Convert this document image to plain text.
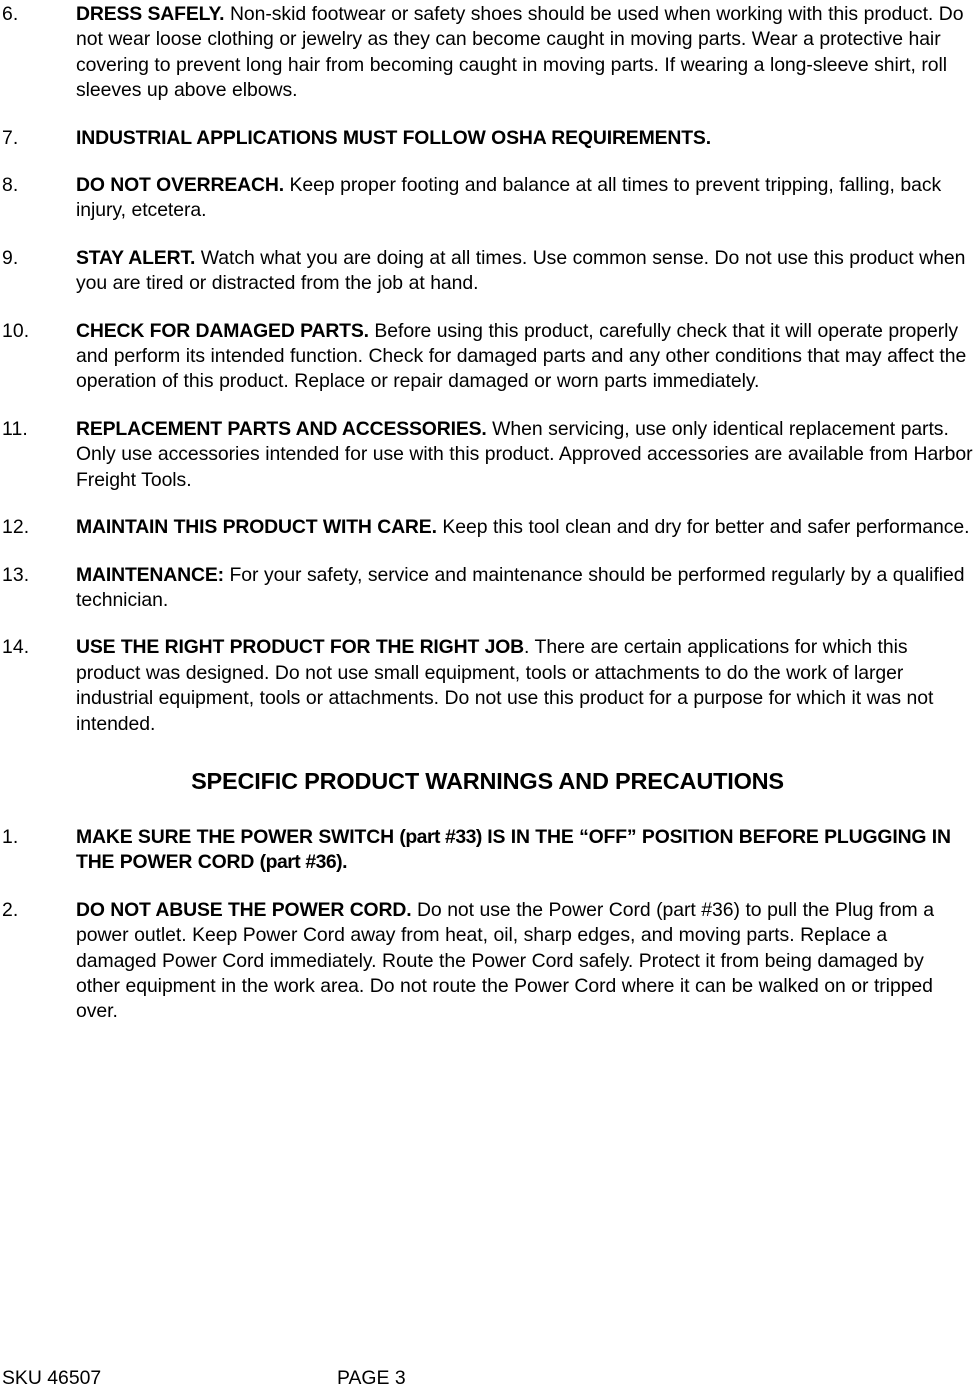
6.	DRESS SAFELY. Non-skid footwear or safety shoes should be used when working with this product. Do not wear loose clothing or jewelry as they can become caught in moving parts. Wear a protective hair covering to prevent long hair from becoming caught in moving parts. If wearing a long-sleeve shirt, roll sleeves up above elbows.
7.	INDUSTRIAL APPLICATIONS MUST FOLLOW OSHA REQUIREMENTS.
8.	DO NOT OVERREACH. Keep proper footing and balance at all times to prevent tripping, falling, back injury, etcetera.
9.	STAY ALERT. Watch what you are doing at all times. Use common sense. Do not use this product when you are tired or distracted from the job at hand.
10.	CHECK FOR DAMAGED PARTS. Before using this product, carefully check that it will operate properly and perform its intended function. Check for damaged parts and any other conditions that may affect the operation of this product. Replace or repair damaged or worn parts immediately.
11.	REPLACEMENT PARTS AND ACCESSORIES. When servicing, use only identical replacement parts. Only use accessories intended for use with this product. Approved accessories are available from Harbor Freight Tools.
12.	MAINTAIN THIS PRODUCT WITH CARE. Keep this tool clean and dry for better and safer performance.
13.	MAINTENANCE: For your safety, service and maintenance should be performed regularly by a qualified technician.
14.	USE THE RIGHT PRODUCT FOR THE RIGHT JOB. There are certain applications for which this product was designed. Do not use small equipment, tools or attachments to do the work of larger industrial equipment, tools or attachments. Do not use this product for a purpose for which it was not intended.
SPECIFIC PRODUCT WARNINGS AND PRECAUTIONS
1.	MAKE SURE THE POWER SWITCH (part #33) IS IN THE “OFF” POSITION BEFORE PLUGGING IN THE POWER CORD (part #36).
2.	DO NOT ABUSE THE POWER CORD. Do not use the Power Cord (part #36) to pull the Plug from a power outlet. Keep Power Cord away from heat, oil, sharp edges, and moving parts. Replace a damaged Power Cord immediately. Route the Power Cord safely. Protect it from being damaged by other equipment in the work area. Do not route the Power Cord where it can be walked on or tripped over.
SKU 46507	PAGE 3
